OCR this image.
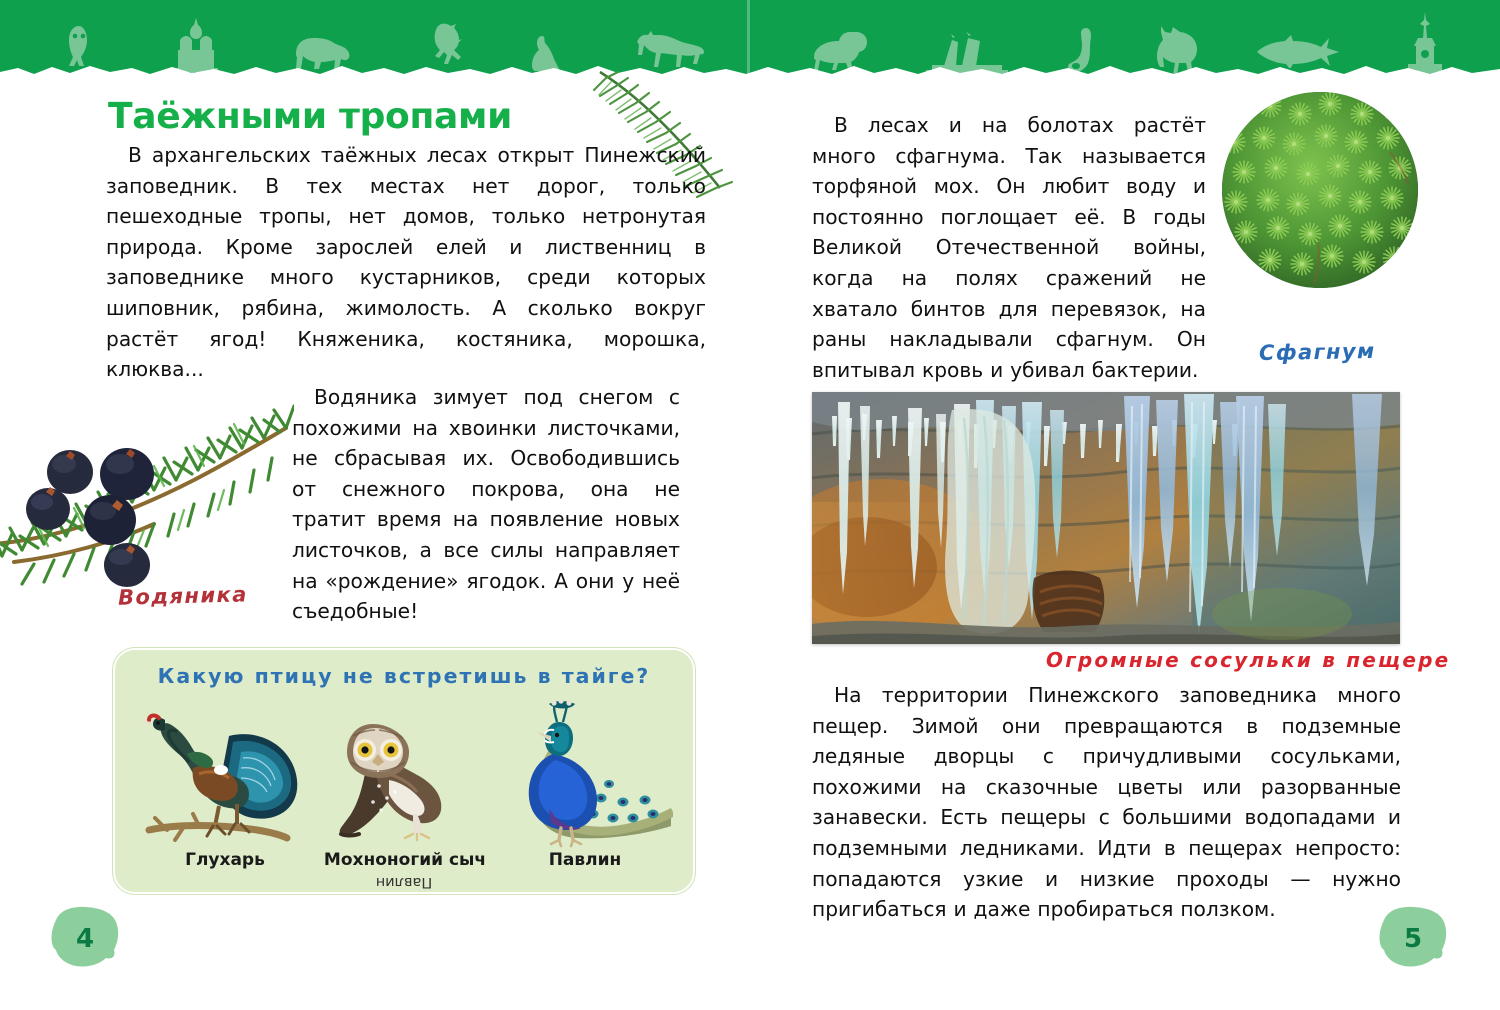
Таёжными тропами

В архангельских таёжных лесах открыт Пинежский заповедник. В тех местах нет дорог, только пешеходные тропы, нет домов, только нетронутая природа. Кроме зарослей елей и лиственниц в заповеднике много кустарников, среди которых шиповник, рябина, жимолость. А сколько вокруг растёт ягод! Княженика, костяника, морошка, клюква...

Водяника зимует под снегом с похожими на хвоинки листочками, не сбрасывая их. Освободившись от снежного покрова, она не тратит время на появление новых листочков, а все силы направляет на «рождение» ягодок. А они у неё съедобные!

Водяника
Какую птицу не встретишь в тайге?
Глухарь	Мохноногий сыч	Павлин
Павлин

В лесах и на болотах растёт много сфагнума. Так называется торфяной мох. Он любит воду и постоянно поглощает её. В годы Великой Отечественной войны, когда на полях сражений не хватало бинтов для перевязок, на раны накладывали сфагнум. Он впитывал кровь и убивал бактерии.

Сфагнум
Огромные сосульки в пещере

На территории Пинежского заповедника много пещер. Зимой они превращаются в подземные ледяные дворцы с причудливыми сосульками, похожими на сказочные цветы или разорванные занавески. Есть пещеры с большими водопадами и подземными ледниками. Идти в пещерах непросто: попадаются узкие и низкие проходы — нужно пригибаться и даже пробираться ползком.

4	5
